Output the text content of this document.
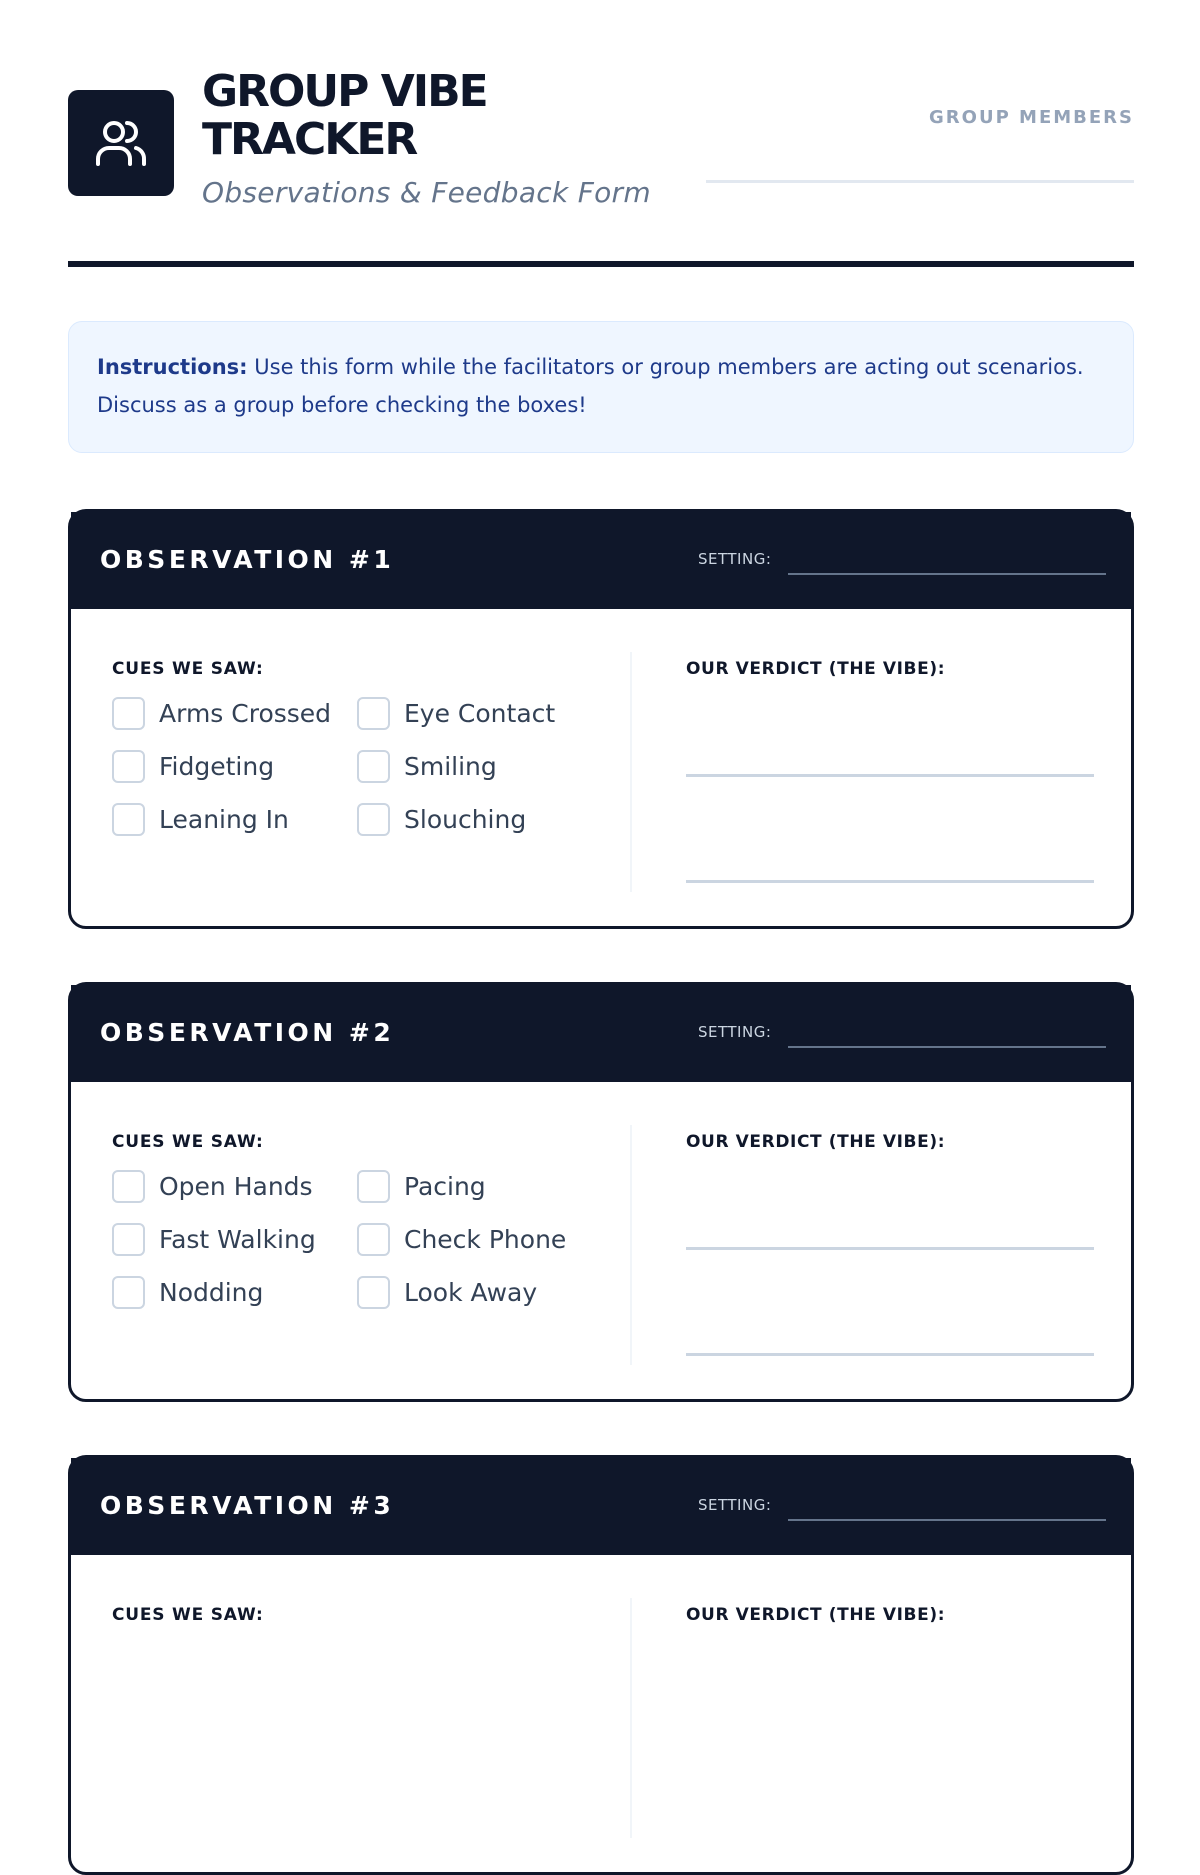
GROUP VIBE
TRACKER
Observations & Feedback Form
GROUP MEMBERS
Instructions: Use this form while the facilitators or group members are acting out scenarios.
Discuss as a group before checking the boxes!
OBSERVATION #1	SETTING:
CUES WE SAW:
Arms Crossed	Eye Contact
Fidgeting	Smiling
Leaning In	Slouching
OUR VERDICT (THE VIBE):
OBSERVATION #2	SETTING:
CUES WE SAW:
Open Hands	Pacing
Fast Walking	Check Phone
Nodding	Look Away
OUR VERDICT (THE VIBE):
OBSERVATION #3	SETTING:
CUES WE SAW:	OUR VERDICT (THE VIBE):
